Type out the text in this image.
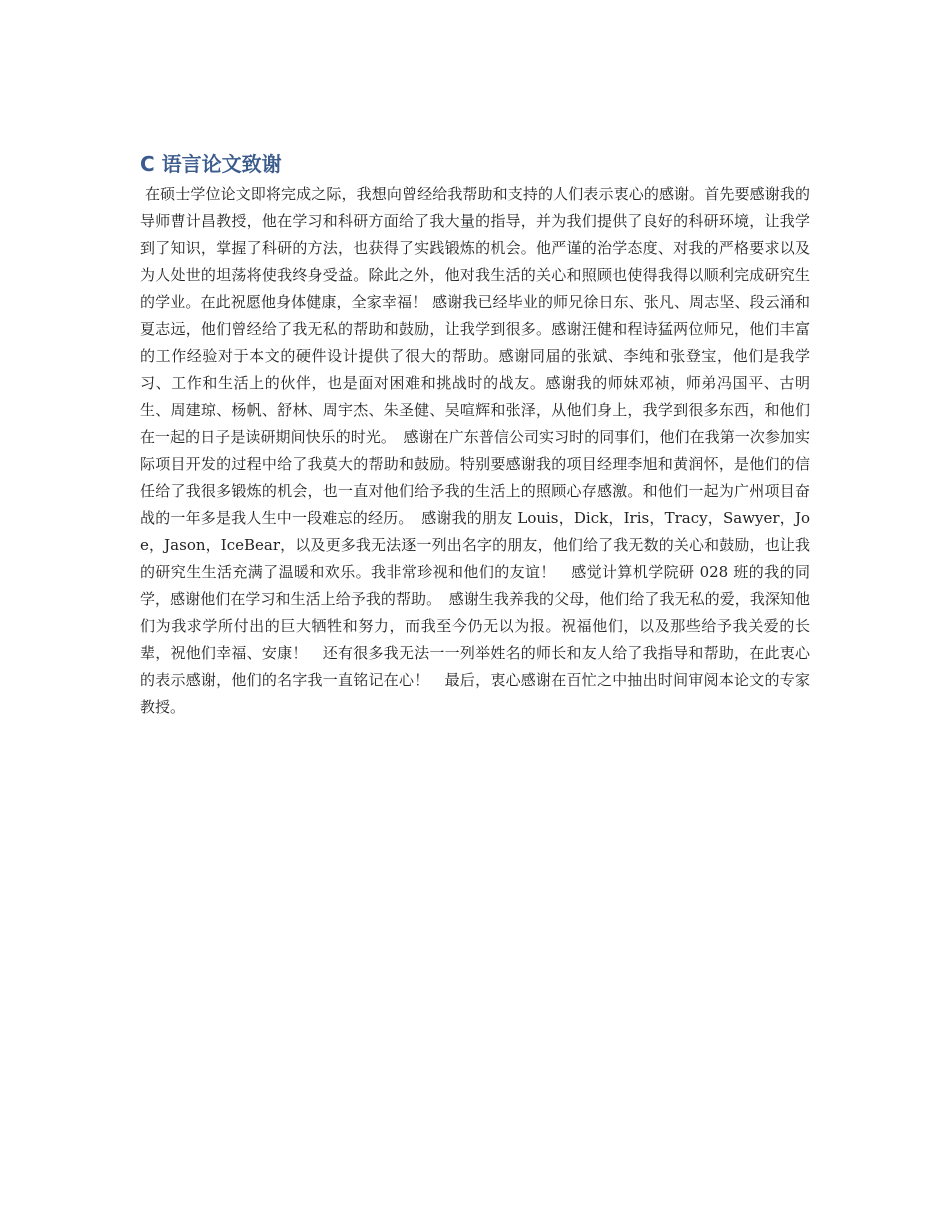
C 语言论文致谢

在硕士学位论文即将完成之际，我想向曾经给我帮助和支持的人们表示衷心的感谢。首先要感谢我的导师曹计昌教授，他在学习和科研方面给了我大量的指导，并为我们提供了良好的科研环境，让我学到了知识，掌握了科研的方法，也获得了实践锻炼的机会。他严谨的治学态度、对我的严格要求以及为人处世的坦荡将使我终身受益。除此之外，他对我生活的关心和照顾也使得我得以顺利完成研究生的学业。在此祝愿他身体健康，全家幸福！ 感谢我已经毕业的师兄徐日东、张凡、周志坚、段云涌和夏志远，他们曾经给了我无私的帮助和鼓励，让我学到很多。感谢汪健和程诗猛两位师兄，他们丰富的工作经验对于本文的硬件设计提供了很大的帮助。感谢同届的张斌、李纯和张登宝，他们是我学习、工作和生活上的伙伴，也是面对困难和挑战时的战友。感谢我的师妹邓祯，师弟冯国平、古明生、周建琼、杨帆、舒林、周宇杰、朱圣健、吴喧辉和张泽，从他们身上，我学到很多东西，和他们在一起的日子是读研期间快乐的时光。　感谢在广东普信公司实习时的同事们，他们在我第一次参加实际项目开发的过程中给了我莫大的帮助和鼓励。特别要感谢我的项目经理李旭和黄润怀，是他们的信任给了我很多锻炼的机会，也一直对他们给予我的生活上的照顾心存感激。和他们一起为广州项目奋战的一年多是我人生中一段难忘的经历。　感谢我的朋友 Louis，Dick，Iris，Tracy，Sawyer，Joe，Jason，IceBear，以及更多我无法逐一列出名字的朋友，他们给了我无数的关心和鼓励，也让我的研究生生活充满了温暖和欢乐。我非常珍视和他们的友谊！　感觉计算机学院研 028 班的我的同学，感谢他们在学习和生活上给予我的帮助。　感谢生我养我的父母，他们给了我无私的爱，我深知他们为我求学所付出的巨大牺牲和努力，而我至今仍无以为报。祝福他们，以及那些给予我关爱的长辈，祝他们幸福、安康！　还有很多我无法一一列举姓名的师长和友人给了我指导和帮助，在此衷心的表示感谢，他们的名字我一直铭记在心！　最后，衷心感谢在百忙之中抽出时间审阅本论文的专家教授。
